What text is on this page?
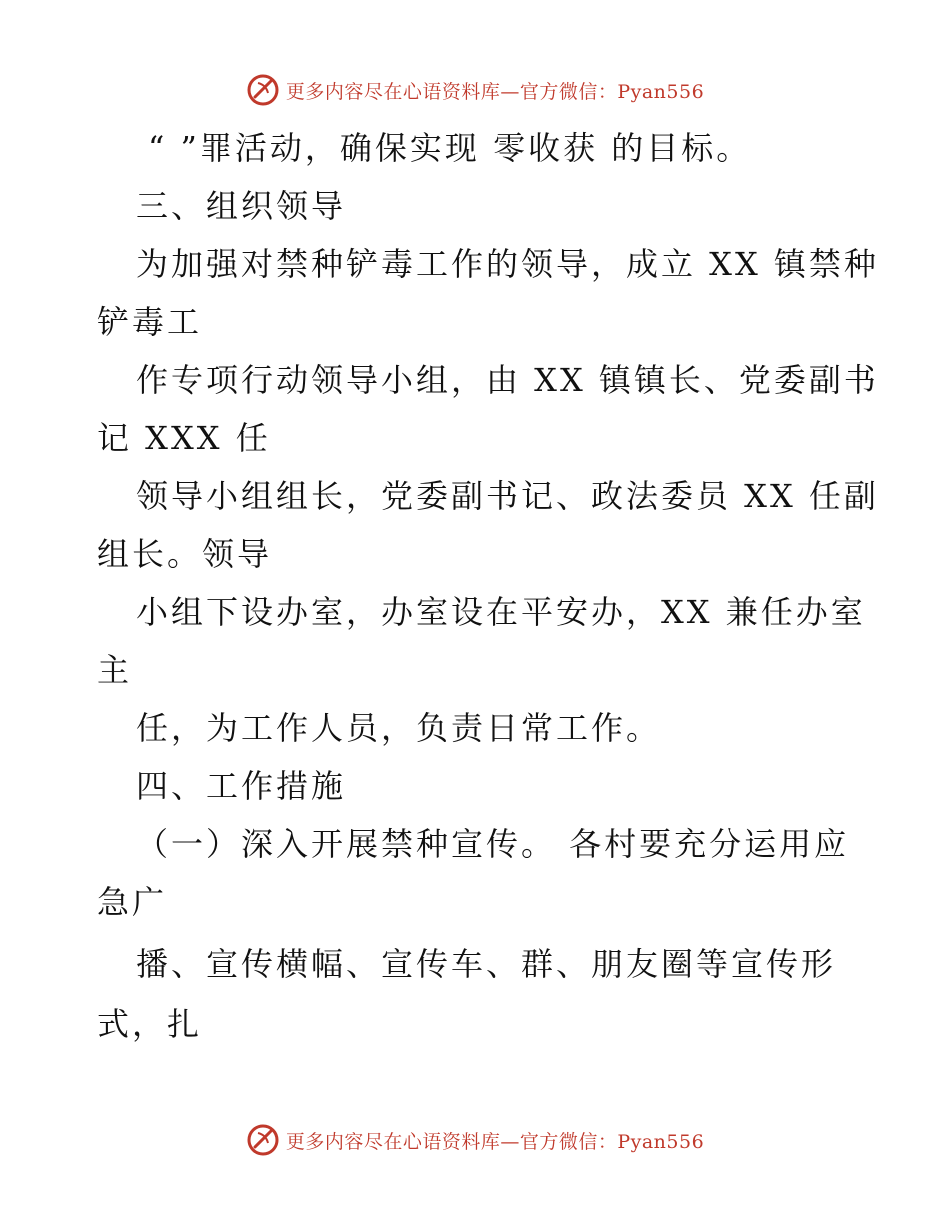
更多内容尽在心语资料库—官方微信：Pyan556
“ ”罪活动，确保实现 零收获 的目标。
三、组织领导
为加强对禁种铲毒工作的领导，成立 XX 镇禁种
铲毒工
作专项行动领导小组，由 XX 镇镇长、党委副书
记 XXX 任
领导小组组长，党委副书记、政法委员 XX 任副
组长。领导
小组下设办室，办室设在平安办，XX 兼任办室
主
任，为工作人员，负责日常工作。
四、工作措施
（一）深入开展禁种宣传。 各村要充分运用应
急广
播、宣传横幅、宣传车、群、朋友圈等宣传形
式，扎
更多内容尽在心语资料库—官方微信：Pyan556
